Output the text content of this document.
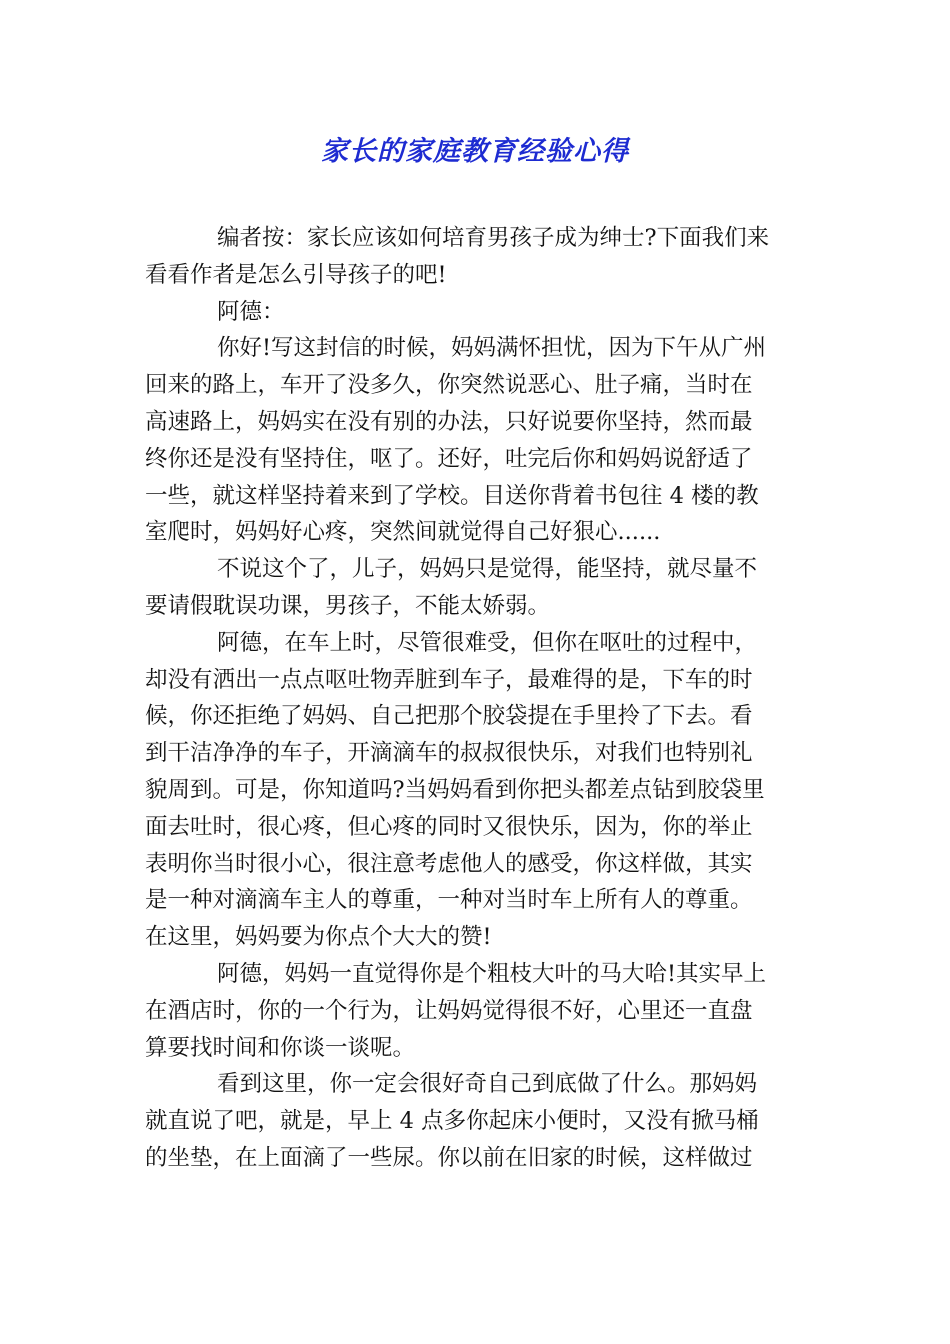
家长的家庭教育经验心得
编者按：家长应该如何培育男孩子成为绅士?下面我们来
看看作者是怎么引导孩子的吧!
阿德：
你好!写这封信的时候，妈妈满怀担忧，因为下午从广州
回来的路上，车开了没多久，你突然说恶心、肚子痛，当时在
高速路上，妈妈实在没有别的办法，只好说要你坚持，然而最
终你还是没有坚持住，呕了。还好，吐完后你和妈妈说舒适了
一些，就这样坚持着来到了学校。目送你背着书包往 4 楼的教
室爬时，妈妈好心疼，突然间就觉得自己好狠心......
不说这个了，儿子，妈妈只是觉得，能坚持，就尽量不
要请假耽误功课，男孩子，不能太娇弱。
阿德，在车上时，尽管很难受，但你在呕吐的过程中，
却没有洒出一点点呕吐物弄脏到车子，最难得的是，下车的时
候，你还拒绝了妈妈、自己把那个胶袋提在手里拎了下去。看
到干洁净净的车子，开滴滴车的叔叔很快乐，对我们也特别礼
貌周到。可是，你知道吗?当妈妈看到你把头都差点钻到胶袋里
面去吐时，很心疼，但心疼的同时又很快乐，因为，你的举止
表明你当时很小心，很注意考虑他人的感受，你这样做，其实
是一种对滴滴车主人的尊重，一种对当时车上所有人的尊重。
在这里，妈妈要为你点个大大的赞!
阿德，妈妈一直觉得你是个粗枝大叶的马大哈!其实早上
在酒店时，你的一个行为，让妈妈觉得很不好，心里还一直盘
算要找时间和你谈一谈呢。
看到这里，你一定会很好奇自己到底做了什么。那妈妈
就直说了吧，就是，早上 4 点多你起床小便时，又没有掀马桶
的坐垫，在上面滴了一些尿。你以前在旧家的时候，这样做过
